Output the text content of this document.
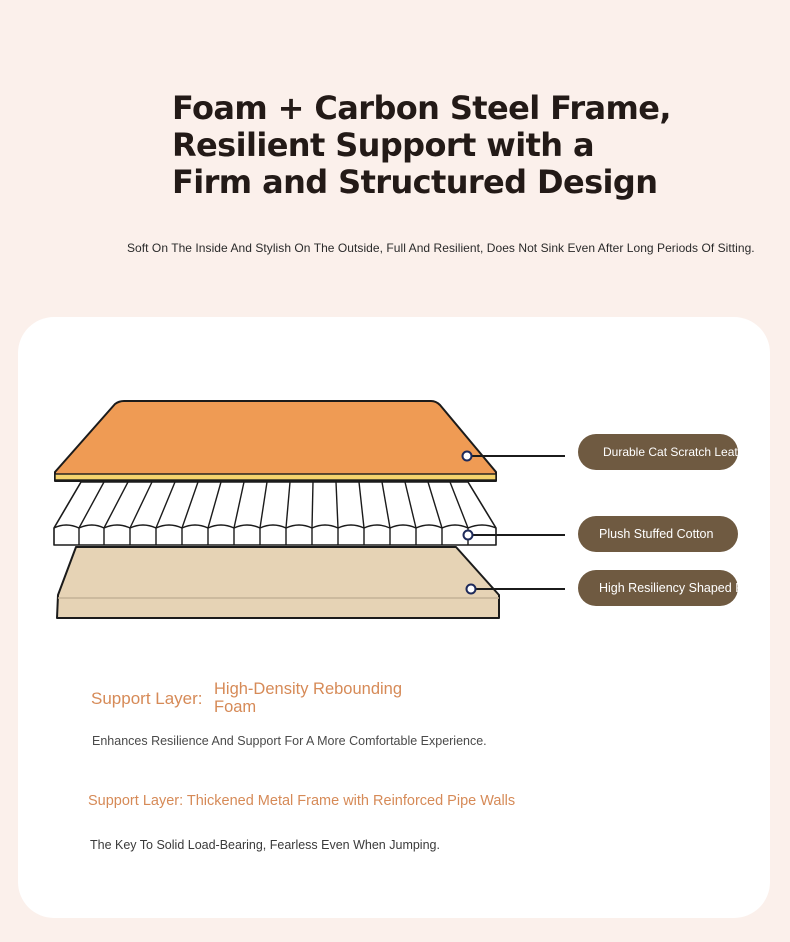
Foam + Carbon Steel Frame,
Resilient Support with a
Firm and Structured Design
Soft On The Inside And Stylish On The Outside, Full And Resilient, Does Not Sink Even After Long Periods Of Sitting.
Durable Cat Scratch Leather
Plush Stuffed Cotton
High Resiliency Shaped Foam
Support Layer: High-Density Rebounding Foam
Enhances Resilience And Support For A More Comfortable Experience.
Support Layer: Thickened Metal Frame with Reinforced Pipe Walls
The Key To Solid Load-Bearing, Fearless Even When Jumping.
